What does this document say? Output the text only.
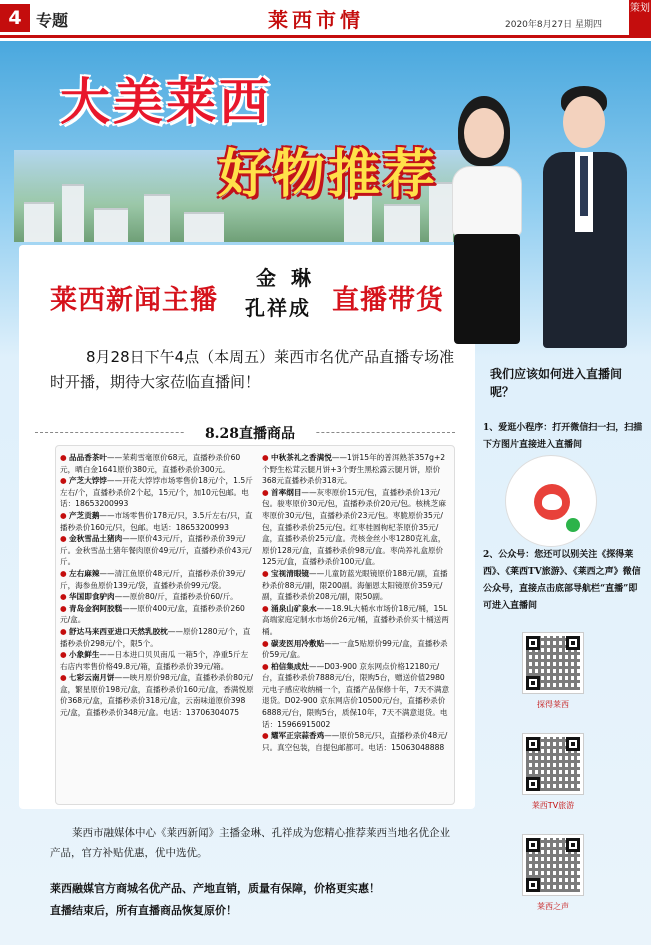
4 专题	莱西市情	2020年8月27日 星期四
策划
大美莱西
好物推荐
莱西新闻主播
金 琳
孔祥成 直播带货
8月28日下午4点（本周五）莱西市名优产品直播专场准时开播，期待大家莅临直播间！
8.28直播商品
● 品品香茶叶——茉莉雪毫原价68元，直播秒杀价60元，晒白金1641原价380元，直播秒杀价300元。
● 产芝大饽饽——开花大饽饽市场零售价18元/个，1.5斤左右/个，直播秒杀价2个起，15元/个，加10元包邮。电话：18653200993
● 产芝贡鹅——市场零售价178元/只，3.5斤左右/只，直播秒杀价160元/只，包邮。电话：18653200993
● 金秋雪品土猪肉——原价43元/斤，直播秒杀价39元/斤。金秋雪品土猪年餐肉原价49元/斤，直播秒杀价43元/斤。
● 左右麻辣——清江鱼原价48元/斤，直播秒杀价39元/斤，海参鱼原价139元/袋，直播秒杀价99元/袋。
● 华国即食驴肉——原价80/斤，直播秒杀价60/斤。
● 青岛金润阿胶糕——原价400元/盒，直播秒杀价260元/盒。
● 舒达马来西亚进口天然乳胶枕——原价1280元/个，直播秒杀价298元/个，限5个。
● 小象鲜生——日本进口贝贝南瓜 一箱5个，净重5斤左右店内零售价格49.8元/箱，直播秒杀价39元/箱。
● 七彩云南月饼——映月原价98元/盒，直播秒杀价80元/盒，繁星原价198元/盒，直播秒杀价160元/盒，香满悦原价368元/盒，直播秒杀价318元/盒，云南味道原价398元/盒，直播秒杀价348元/盒。电话：13706304075
● 中秋茶礼之香满悦——1饼15年的普洱熟茶357g+2个野生松茸云腿月饼+3个野生黑松露云腿月饼，原价368元直播秒杀价318元。
● 首率纲目——灰枣原价15元/包，直播秒杀价13元/包。骏枣原价30元/包，直播秒杀价20元/包。核桃芝麻枣原价30元/包，直播秒杀价23元/包。枣脆原价35元/包，直播秒杀价25元/包。红枣桂圆枸杞茶原价35元/盒，直播秒杀价25元/盒。壳核金丝小枣1280克礼盒，原价128元/盒，直播秒杀价98元/盒。枣尚养礼盒原价125元/盒，直播秒杀价100元/盒。
● 宝视清眼镜——儿童防蓝光眼镜原价188元/副，直播秒杀价88元/副，限200副。海俪恩太阳镜原价359元/副，直播秒杀价208元/副，限50副。
● 涌泉山矿泉水——18.9L大桶水市场价18元/桶，15L高端家庭定制水市场价26元/桶，直播秒杀价买十桶送两桶。
● 碳麦医用冷敷贴——一盒5贴原价99元/盒，直播秒杀价59元/盒。
● 柏信集成灶——D03-900 京东网点价格12180元/台，直播秒杀价7888元/台，限购5台，赠送价值2980元电子感应收纳桶一个，直播产品保修十年，7天不满意退货。D02-900 京东网店价10500元/台，直播秒杀价6888元/台，限购5台，质保10年，7天不满意退货。电话：15966915002
● 耀军正宗蒜香鸡——原价58元/只，直播秒杀价48元/只。真空包装，自提包邮都可。电话：15063048888
我们应该如何进入直播间呢？
1、爱逛小程序：打开微信扫一扫，扫描下方图片直接进入直播间
2、公众号：您还可以别关注《探得莱西》、《莱西TV旅游》、《莱西之声》微信公众号，直接点击底部导航栏“直播”即可进入直播间
探得莱西
莱西TV旅游
莱西之声
莱西市融媒体中心《莱西新闻》主播金琳、孔祥成为您精心推荐莱西当地名优企业产品，官方补贴优惠，优中选优。
莱西融媒官方商城名优产品、产地直销，质量有保障，价格更实惠！
直播结束后，所有直播商品恢复原价！
